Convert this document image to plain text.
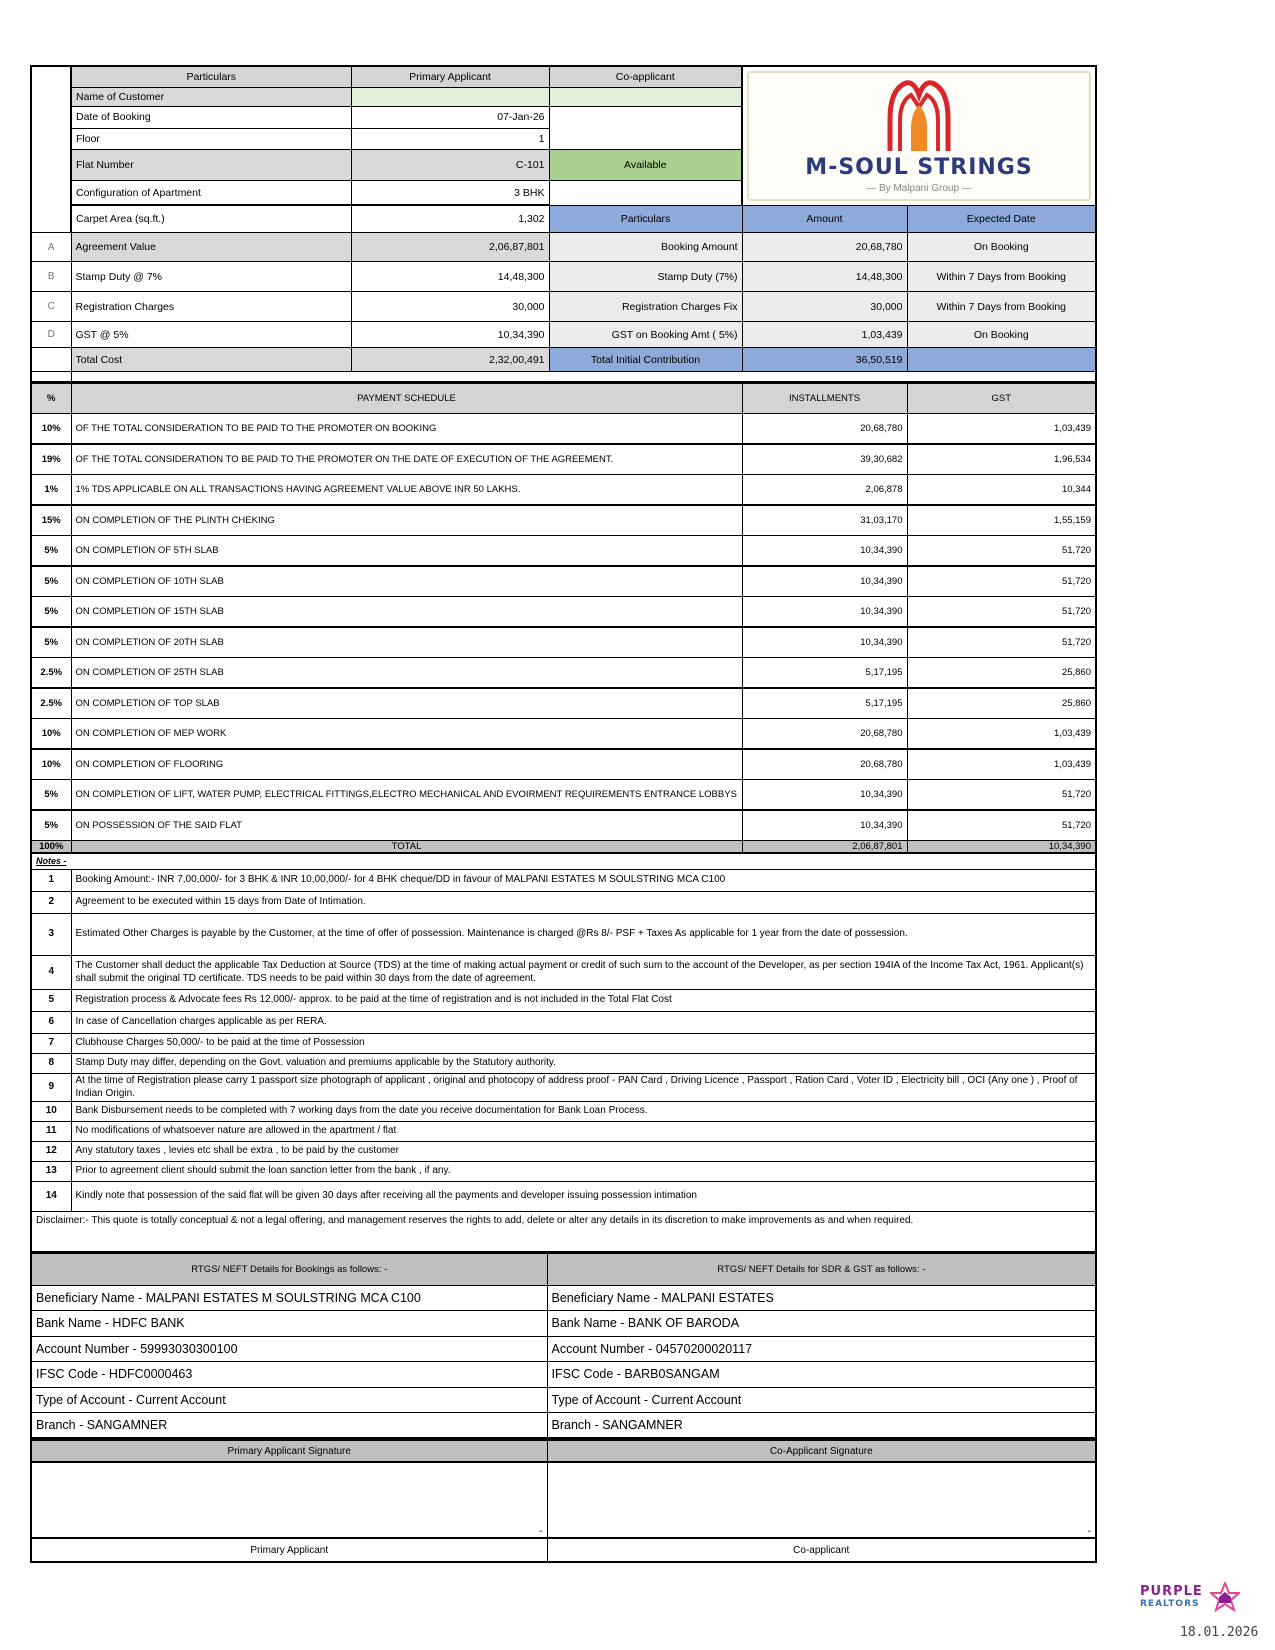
	Particulars	Primary Applicant	Co-applicant	M-SOUL STRINGS
— By Malpani Group —	

	Name of Customer				
	Date of Booking	07-Jan-26			
	Floor	1			
	Flat Number	C-101	Available		
	Configuration of Apartment	3 BHK			

	Carpet Area (sq.ft.)	1,302	Particulars	Amount	Expected Date
A	Agreement Value	2,06,87,801	Booking Amount	20,68,780	On Booking
B	Stamp Duty @ 7%	14,48,300	Stamp Duty (7%)	14,48,300	Within 7 Days from Booking
C	Registration Charges	30,000	Registration Charges Fix	30,000	Within 7 Days from Booking
D	GST @ 5%	10,34,390	GST on Booking Amt ( 5%)	1,03,439	On Booking
	Total Cost	2,32,00,491	Total Initial Contribution	36,50,519	

%	PAYMENT SCHEDULE	INSTALLMENTS	GST
10%	OF THE TOTAL CONSIDERATION TO BE PAID TO THE PROMOTER ON BOOKING	20,68,780	1,03,439
19%	OF THE TOTAL CONSIDERATION TO BE PAID TO THE PROMOTER ON THE DATE OF EXECUTION OF THE AGREEMENT.	39,30,682	1,96,534
1%	1% TDS APPLICABLE ON ALL TRANSACTIONS HAVING AGREEMENT VALUE ABOVE INR 50 LAKHS.	2,06,878	10,344
15%	ON COMPLETION OF THE PLINTH CHEKING	31,03,170	1,55,159
5%	ON COMPLETION OF 5TH SLAB	10,34,390	51,720
5%	ON COMPLETION OF 10TH SLAB	10,34,390	51,720
5%	ON COMPLETION OF 15TH SLAB	10,34,390	51,720
5%	ON COMPLETION OF 20TH SLAB	10,34,390	51,720
2.5%	ON COMPLETION OF 25TH SLAB	5,17,195	25,860
2.5%	ON COMPLETION OF TOP SLAB	5,17,195	25,860
10%	ON COMPLETION OF MEP WORK	20,68,780	1,03,439
10%	ON COMPLETION OF FLOORING	20,68,780	1,03,439
5%	ON COMPLETION OF LIFT, WATER PUMP, ELECTRICAL FITTINGS,ELECTRO MECHANICAL AND EVOIRMENT REQUIREMENTS ENTRANCE LOBBYS	10,34,390	51,720
5%	ON POSSESSION OF THE SAID FLAT	10,34,390	51,720
100%	TOTAL	2,06,87,801	10,34,390
Notes -	
1	Booking Amount:- INR 7,00,000/- for 3 BHK & INR 10,00,000/- for 4 BHK cheque/DD in favour of MALPANI ESTATES M SOULSTRING MCA C100
2	Agreement to be executed within 15 days from Date of Intimation.
3	Estimated Other Charges is payable by the Customer, at the time of offer of possession. Maintenance is charged @Rs 8/- PSF + Taxes As applicable for 1 year from the date of possession.
4	The Customer shall deduct the applicable Tax Deduction at Source (TDS) at the time of making actual payment or credit of such sum to the account of the Developer, as per section 194IA of the Income Tax Act, 1961. Applicant(s) shall submit the original TD certificate. TDS needs to be paid within 30 days from the date of agreement.
5	Registration process & Advocate fees Rs 12,000/- approx. to be paid at the time of registration and is not included in the Total Flat Cost
6	In case of Cancellation charges applicable as per RERA.
7	Clubhouse Charges 50,000/- to be paid at the time of Possession
8	Stamp Duty may differ, depending on the Govt. valuation and premiums applicable by the Statutory authority.
9	At the time of Registration please carry 1 passport size photograph of applicant , original and photocopy of address proof - PAN Card , Driving Licence , Passport , Ration Card , Voter ID , Electricity bill , OCI (Any one ) , Proof of Indian Origin.
10	Bank Disbursement needs to be completed with 7 working days from the date you receive documentation for Bank Loan Process.
11	No modifications of whatsoever nature are allowed in the apartment / flat
12	Any statutory taxes , levies etc shall be extra , to be paid by the customer
13	Prior to agreement client should submit the loan sanction letter from the bank , if any.
14	Kindly note that possession of the said flat will be given 30 days after receiving all the payments and developer issuing possession intimation
Disclaimer:- This quote is totally conceptual & not a legal offering, and management reserves the rights to add, delete or alter any details in its discretion to make improvements as and when required.	
RTGS/ NEFT Details for Bookings as follows: -	RTGS/ NEFT Details for SDR & GST as follows: -
Beneficiary Name - MALPANI ESTATES M SOULSTRING MCA C100	Beneficiary Name - MALPANI ESTATES
Bank Name - HDFC BANK	Bank Name - BANK OF BARODA
Account Number - 59993030300100	Account Number - 04570200020117
IFSC Code - HDFC0000463	IFSC Code - BARB0SANGAM
Type of Account - Current Account	Type of Account - Current Account
Branch - SANGAMNER	Branch - SANGAMNER
Primary Applicant Signature	Co-Applicant Signature
-	-
Primary Applicant	Co-applicant
PURPLE
REALTORS
18.01.2026
